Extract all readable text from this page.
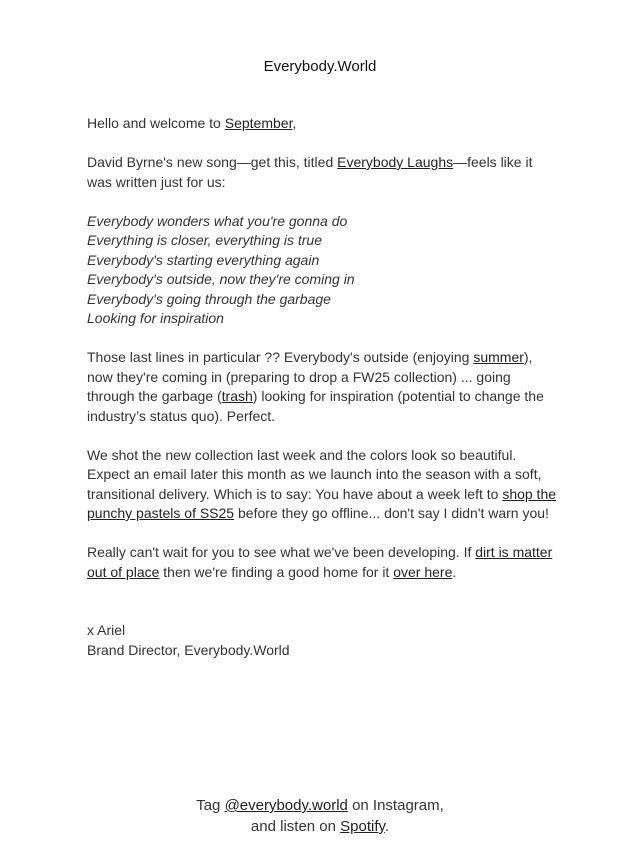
Everybody.World

Hello and welcome to September,

David Byrne's new song—get this, titled Everybody Laughs—feels like it was written just for us:

Everybody wonders what you're gonna do
Everything is closer, everything is true
Everybody's starting everything again
Everybody's outside, now they're coming in
Everybody's going through the garbage
Looking for inspiration

Those last lines in particular ?? Everybody's outside (enjoying summer), now they're coming in (preparing to drop a FW25 collection) ... going through the garbage (trash) looking for inspiration (potential to change the industry’s status quo). Perfect.

We shot the new collection last week and the colors look so beautiful. Expect an email later this month as we launch into the season with a soft, transitional delivery. Which is to say: You have about a week left to shop the punchy pastels of SS25 before they go offline... don't say I didn't warn you!

Really can't wait for you to see what we've been developing. If dirt is matter out of place then we're finding a good home for it over here.

x Ariel
Brand Director, Everybody.World
Tag @everybody.world on Instagram,
and listen on Spotify.
